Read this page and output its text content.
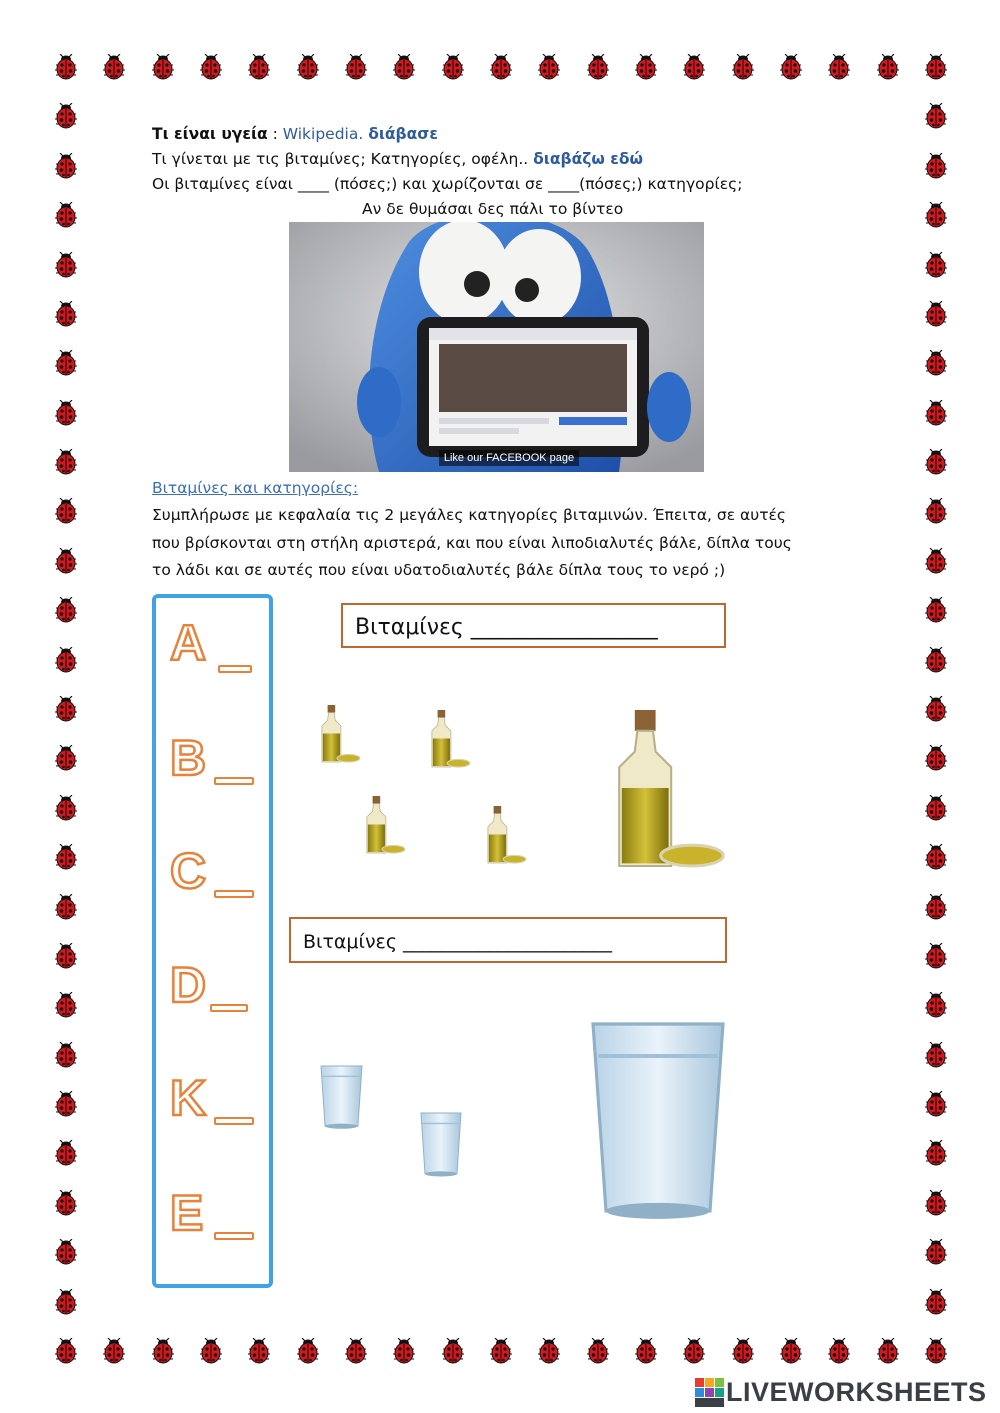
Τι είναι υγεία : Wikipedia. διάβασε
Τι γίνεται με τις βιταμίνες; Κατηγορίες, οφέλη.. διαβάζω εδώ
Οι βιταμίνες είναι ____ (πόσες;) και χωρίζονται σε ____(πόσες;) κατηγορίες;
Αν δε θυμάσαι δες πάλι το βίντεο
Like our FACEBOOK page
Βιταμίνες και κατηγορίες:
Συμπλήρωσε με κεφαλαία τις 2 μεγάλες κατηγορίες βιταμινών. Έπειτα, σε αυτές
που βρίσκονται στη στήλη αριστερά, και που είναι λιποδιαλυτές βάλε, δίπλα τους
το λάδι και σε αυτές που είναι υδατοδιαλυτές βάλε δίπλα τους το νερό ;)
A
B
C
D
K
E
Βιταμίνες _________________
Βιταμίνες ______________________
LIVEWORKSHEETS
